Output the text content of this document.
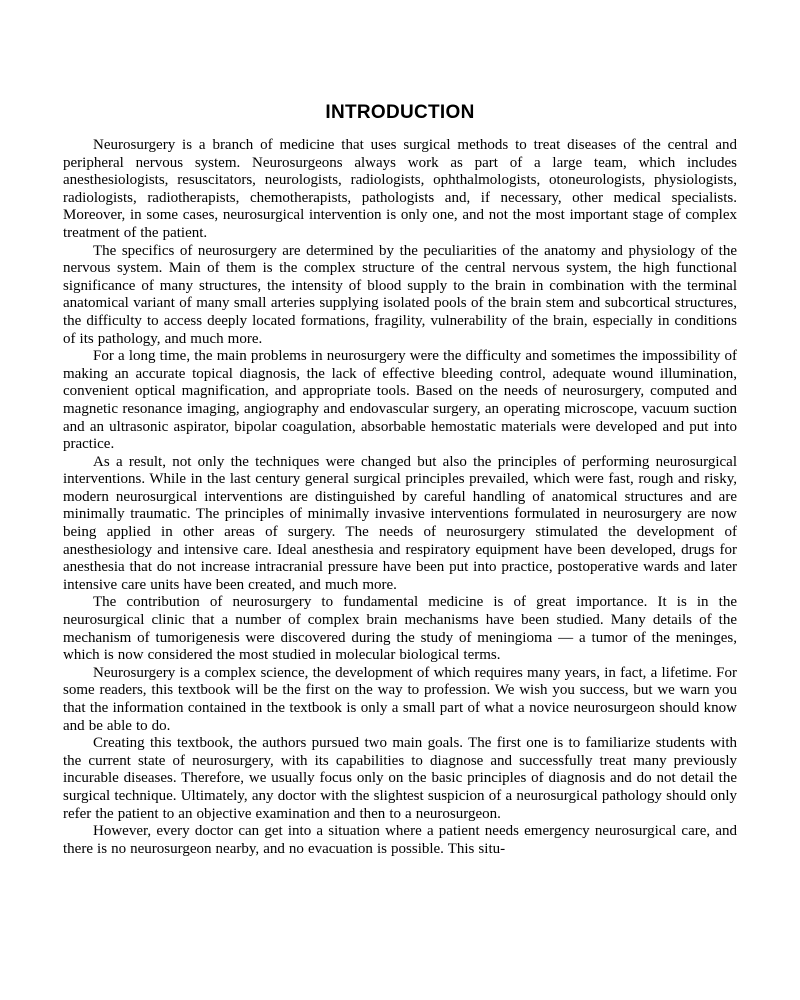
INTRODUCTION

Neurosurgery is a branch of medicine that uses surgical methods to treat diseases of the central and peripheral nervous system. Neurosurgeons always work as part of a large team, which includes anesthesiologists, resuscitators, neurologists, radiologists, ophthalmologists, otoneurologists, physiologists, radiologists, radiotherapists, chemotherapists, pathologists and, if necessary, other medical specialists. Moreover, in some cases, neurosurgical intervention is only one, and not the most important stage of complex treatment of the patient.

The specifics of neurosurgery are determined by the peculiarities of the anatomy and physiology of the nervous system. Main of them is the complex structure of the central nervous system, the high functional significance of many structures, the intensity of blood supply to the brain in combination with the terminal anatomical variant of many small arteries supplying isolated pools of the brain stem and subcortical structures, the difficulty to access deeply located formations, fragility, vulnerability of the brain, especially in conditions of its pathology, and much more.

For a long time, the main problems in neurosurgery were the difficulty and sometimes the impossibility of making an accurate topical diagnosis, the lack of effective bleeding control, adequate wound illumination, convenient optical magnification, and appropriate tools. Based on the needs of neurosurgery, computed and magnetic resonance imaging, angiography and endovascular surgery, an operating microscope, vacuum suction and an ultrasonic aspirator, bipolar coagulation, absorbable hemostatic materials were developed and put into practice.

As a result, not only the techniques were changed but also the principles of performing neurosurgical interventions. While in the last century general surgical principles prevailed, which were fast, rough and risky, modern neurosurgical interventions are distinguished by careful handling of anatomical structures and are minimally traumatic. The principles of minimally invasive interventions formulated in neurosurgery are now being applied in other areas of surgery. The needs of neurosurgery stimulated the development of anesthesiology and intensive care. Ideal anesthesia and respiratory equipment have been developed, drugs for anesthesia that do not increase intracranial pressure have been put into practice, postoperative wards and later intensive care units have been created, and much more.

The contribution of neurosurgery to fundamental medicine is of great importance. It is in the neurosurgical clinic that a number of complex brain mechanisms have been studied. Many details of the mechanism of tumorigenesis were discovered during the study of meningioma — a tumor of the meninges, which is now considered the most studied in molecular biological terms.

Neurosurgery is a complex science, the development of which requires many years, in fact, a lifetime. For some readers, this textbook will be the first on the way to profession. We wish you success, but we warn you that the information contained in the textbook is only a small part of what a novice neurosurgeon should know and be able to do.

Creating this textbook, the authors pursued two main goals. The first one is to familiarize students with the current state of neurosurgery, with its capabilities to diagnose and successfully treat many previously incurable diseases. Therefore, we usually focus only on the basic principles of diagnosis and do not detail the surgical technique. Ultimately, any doctor with the slightest suspicion of a neurosurgical pathology should only refer the patient to an objective examination and then to a neurosurgeon.

However, every doctor can get into a situation where a patient needs emergency neurosurgical care, and there is no neurosurgeon nearby, and no evacuation is possible. This situ-
